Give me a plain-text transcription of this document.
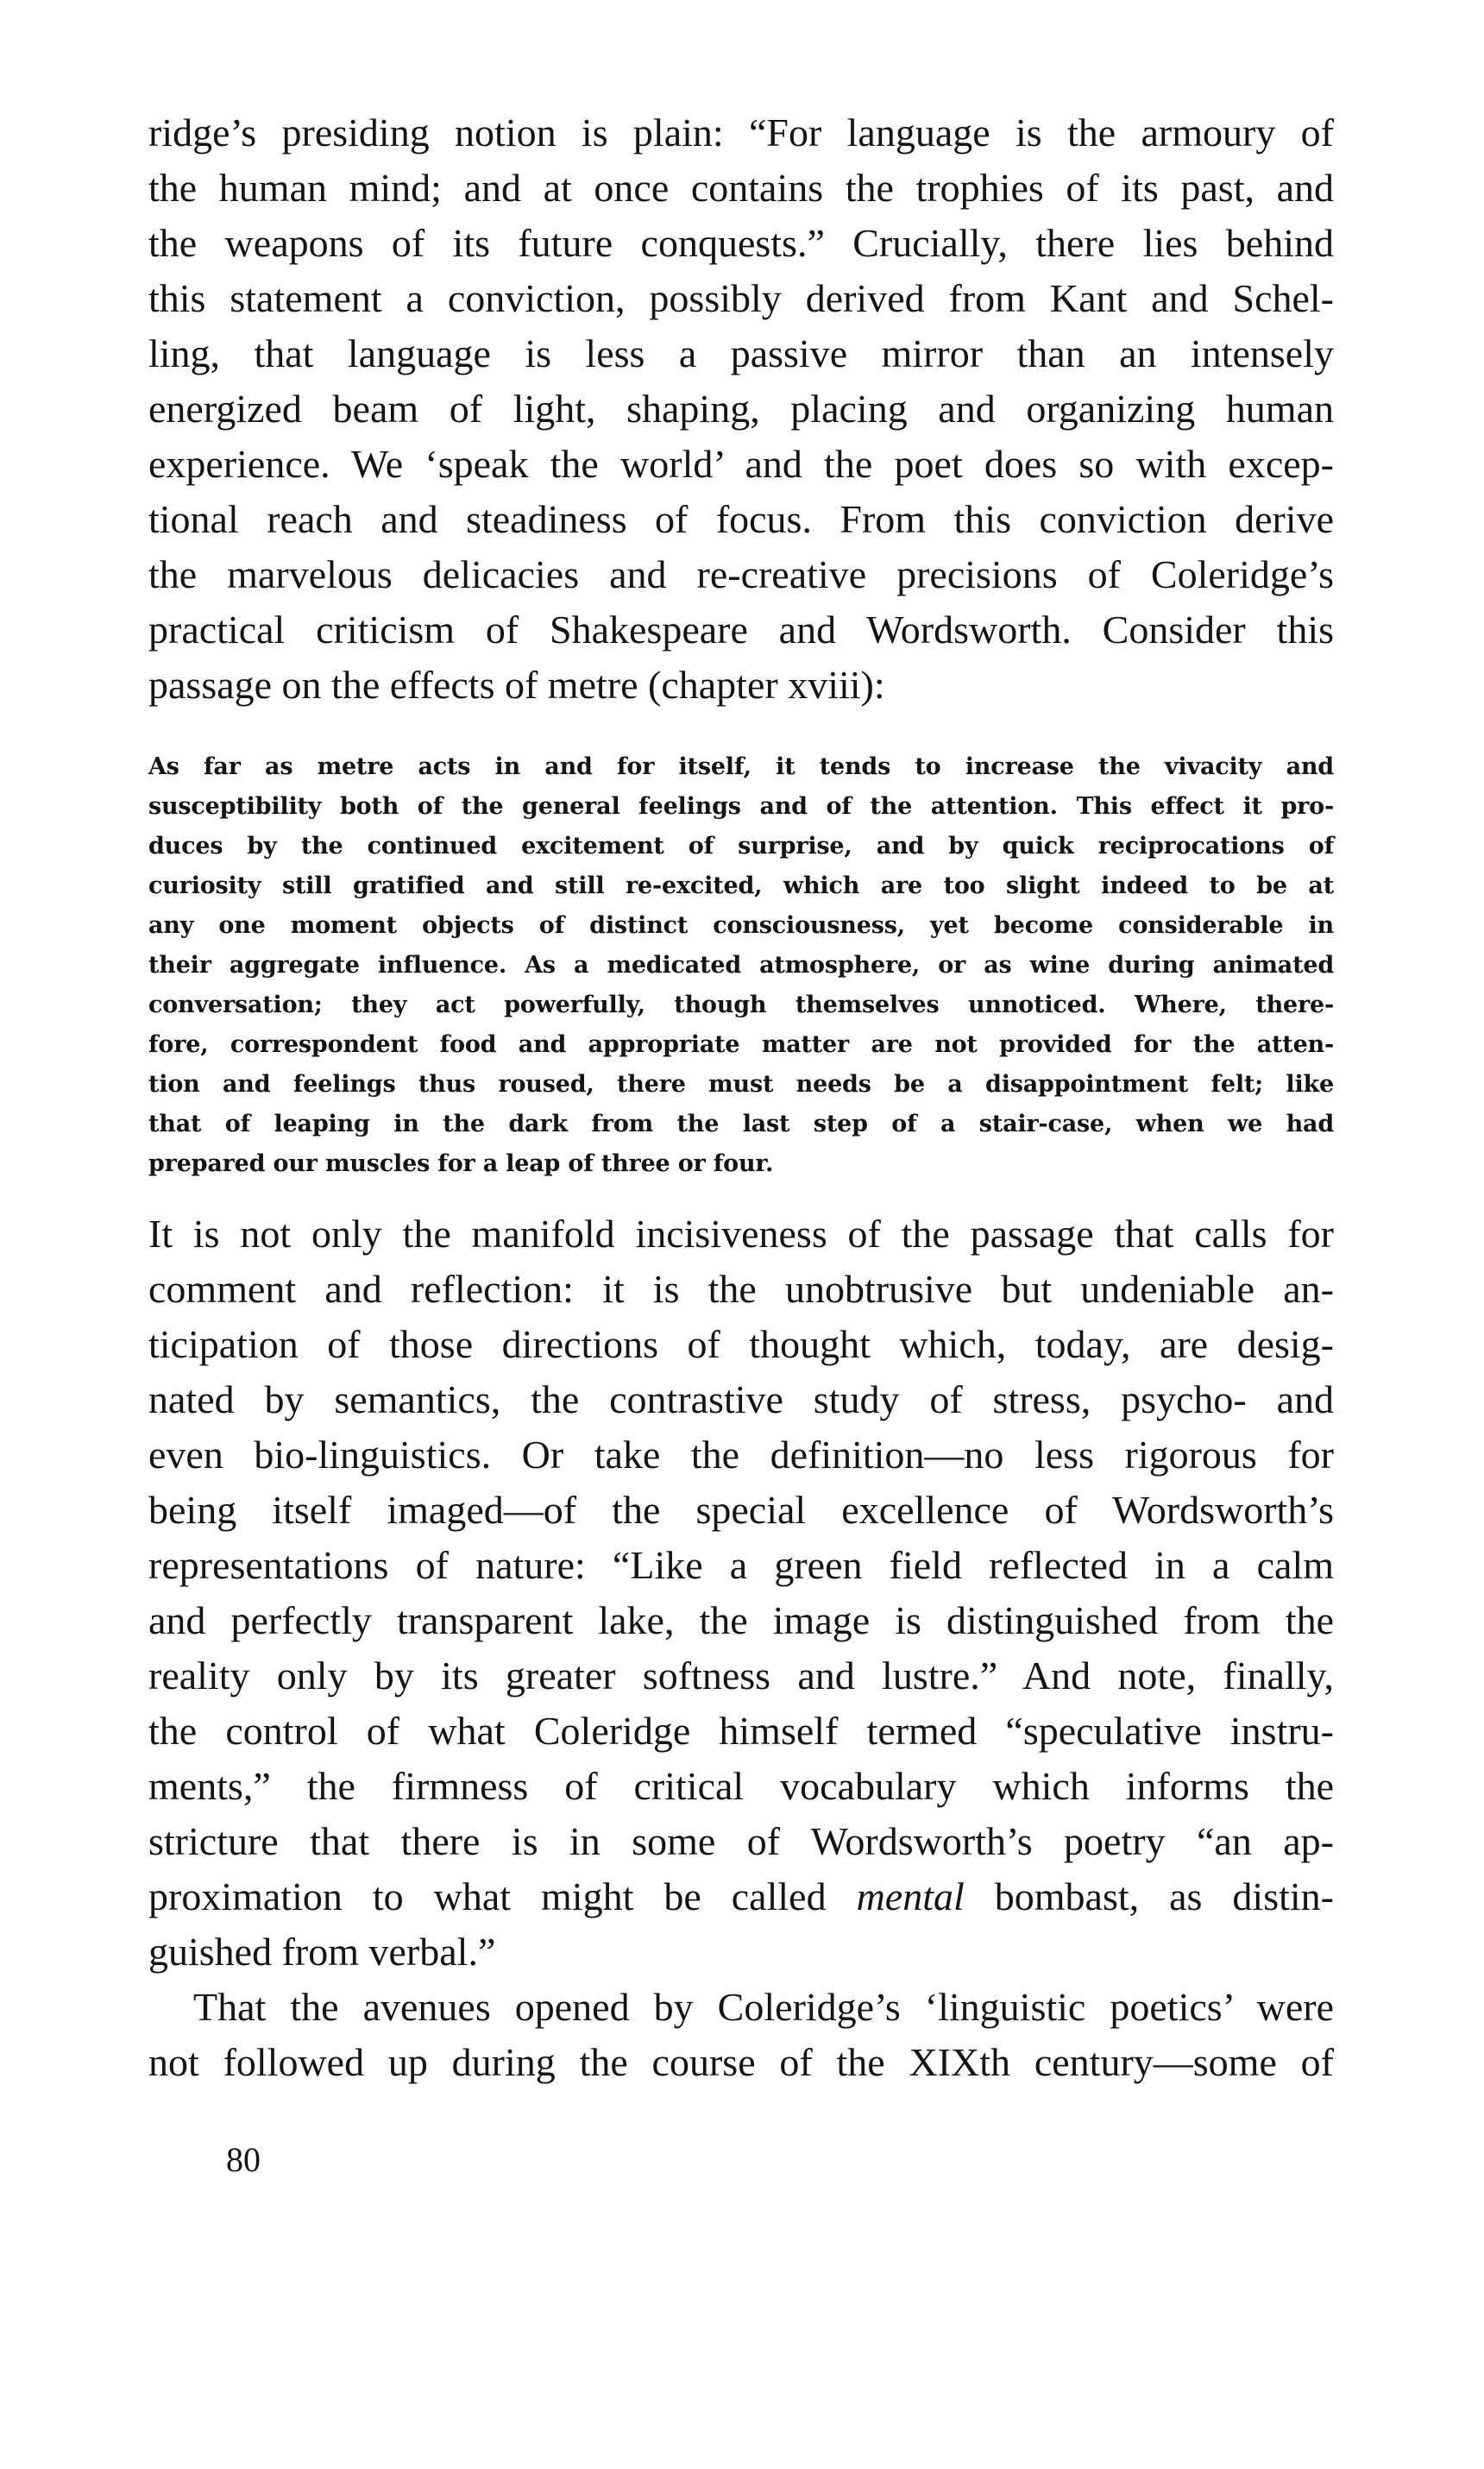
ridge’s presiding notion is plain: “For language is the armoury of
the human mind; and at once contains the trophies of its past, and
the weapons of its future conquests.” Crucially, there lies behind
this statement a conviction, possibly derived from Kant and Schel-
ling, that language is less a passive mirror than an intensely
energized beam of light, shaping, placing and organizing human
experience. We ‘speak the world’ and the poet does so with excep-
tional reach and steadiness of focus. From this conviction derive
the marvelous delicacies and re-creative precisions of Coleridge’s
practical criticism of Shakespeare and Wordsworth. Consider this
passage on the effects of metre (chapter xviii):
As far as metre acts in and for itself, it tends to increase the vivacity and
susceptibility both of the general feelings and of the attention. This effect it pro-
duces by the continued excitement of surprise, and by quick reciprocations of
curiosity still gratified and still re-excited, which are too slight indeed to be at
any one moment objects of distinct consciousness, yet become considerable in
their aggregate influence. As a medicated atmosphere, or as wine during animated
conversation; they act powerfully, though themselves unnoticed. Where, there-
fore, correspondent food and appropriate matter are not provided for the atten-
tion and feelings thus roused, there must needs be a disappointment felt; like
that of leaping in the dark from the last step of a stair-case, when we had
prepared our muscles for a leap of three or four.
It is not only the manifold incisiveness of the passage that calls for
comment and reflection: it is the unobtrusive but undeniable an-
ticipation of those directions of thought which, today, are desig-
nated by semantics, the contrastive study of stress, psycho- and
even bio-linguistics. Or take the definition—no less rigorous for
being itself imaged—of the special excellence of Wordsworth’s
representations of nature: “Like a green field reflected in a calm
and perfectly transparent lake, the image is distinguished from the
reality only by its greater softness and lustre.” And note, finally,
the control of what Coleridge himself termed “speculative instru-
ments,” the firmness of critical vocabulary which informs the
stricture that there is in some of Wordsworth’s poetry “an ap-
proximation to what might be called mental bombast, as distin-
guished from verbal.”
That the avenues opened by Coleridge’s ‘linguistic poetics’ were
not followed up during the course of the XIXth century—some of

80
